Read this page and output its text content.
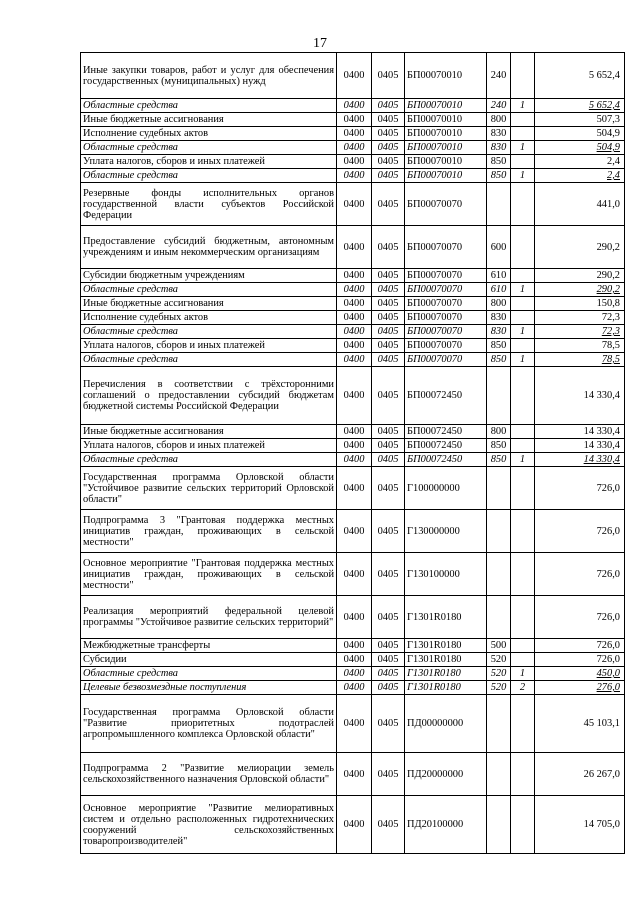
17
Иные закупки товаров, работ и услуг для обеспечения государственных (муниципальных) нужд	0400	0405	БП00070010	240		5 652,4
Областные средства	0400	0405	БП00070010	240	1	5 652,4
Иные бюджетные ассигнования	0400	0405	БП00070010	800		507,3
Исполнение судебных актов	0400	0405	БП00070010	830		504,9
Областные средства	0400	0405	БП00070010	830	1	504,9
Уплата налогов, сборов и иных платежей	0400	0405	БП00070010	850		2,4
Областные средства	0400	0405	БП00070010	850	1	2,4
Резервные фонды исполнительных органов государственной власти субъектов Российской Федерации	0400	0405	БП00070070			441,0
Предоставление субсидий бюджетным, автономным учреждениям и иным некоммерческим организациям	0400	0405	БП00070070	600		290,2
Субсидии бюджетным учреждениям	0400	0405	БП00070070	610		290,2
Областные средства	0400	0405	БП00070070	610	1	290,2
Иные бюджетные ассигнования	0400	0405	БП00070070	800		150,8
Исполнение судебных актов	0400	0405	БП00070070	830		72,3
Областные средства	0400	0405	БП00070070	830	1	72,3
Уплата налогов, сборов и иных платежей	0400	0405	БП00070070	850		78,5
Областные средства	0400	0405	БП00070070	850	1	78,5
Перечисления в соответствии с трёхсторонними соглашений о предоставлении субсидий бюджетам бюджетной системы Российской Федерации	0400	0405	БП00072450			14 330,4
Иные бюджетные ассигнования	0400	0405	БП00072450	800		14 330,4
Уплата налогов, сборов и иных платежей	0400	0405	БП00072450	850		14 330,4
Областные средства	0400	0405	БП00072450	850	1	14 330,4
Государственная программа Орловской области "Устойчивое развитие сельских территорий Орловской области"	0400	0405	Г100000000			726,0
Подпрограмма 3 "Грантовая поддержка местных инициатив граждан, проживающих в сельской местности"	0400	0405	Г130000000			726,0
Основное мероприятие "Грантовая поддержка местных инициатив граждан, проживающих в сельской местности"	0400	0405	Г130100000			726,0
Реализация мероприятий федеральной целевой программы "Устойчивое развитие сельских территорий"	0400	0405	Г1301R0180			726,0
Межбюджетные трансферты	0400	0405	Г1301R0180	500		726,0
Субсидии	0400	0405	Г1301R0180	520		726,0
Областные средства	0400	0405	Г1301R0180	520	1	450,0
Целевые безвозмездные поступления	0400	0405	Г1301R0180	520	2	276,0
Государственная программа Орловской области "Развитие приоритетных подотраслей агропромышленного комплекса Орловской области"	0400	0405	ПД00000000			45 103,1
Подпрограмма 2 "Развитие мелиорации земель сельскохозяйственного назначения Орловской области"	0400	0405	ПД20000000			26 267,0
Основное мероприятие "Развитие мелиоративных систем и отдельно расположенных гидротехнических сооружений сельскохозяйственных товаропроизводителей"	0400	0405	ПД20100000			14 705,0
